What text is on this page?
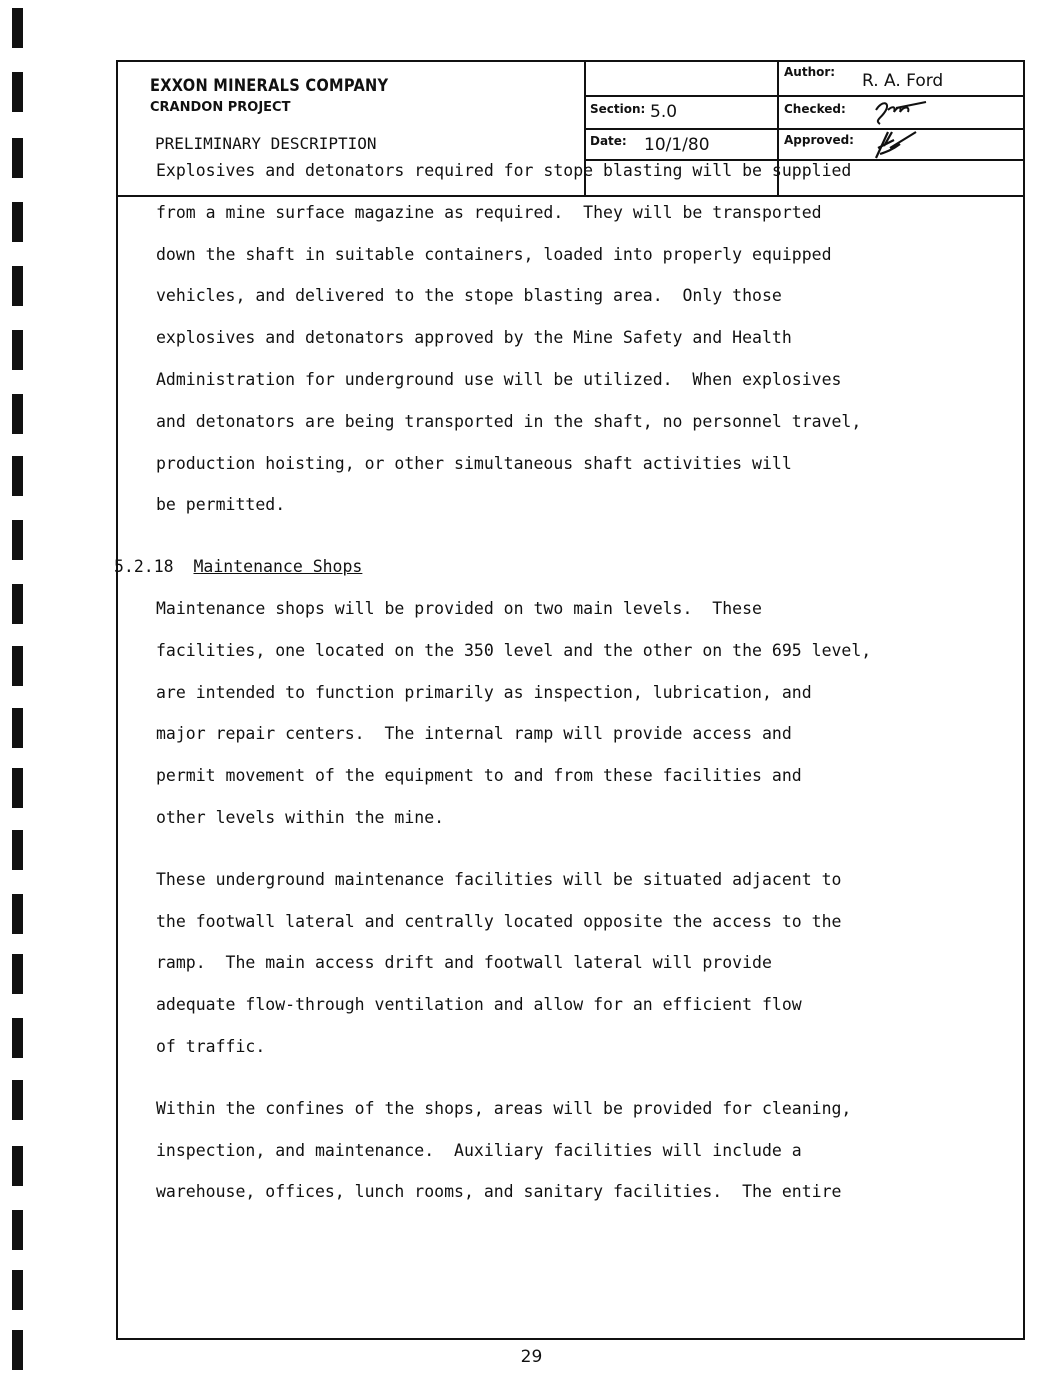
EXXON MINERALS COMPANY
CRANDON PROJECT
PRELIMINARY DESCRIPTION
Section: 5.0
Date: 10/1/80
Author: R. A. Ford
Checked:
Approved:

Explosives and detonators required for stope blasting will be supplied

from a mine surface magazine as required.  They will be transported

down the shaft in suitable containers, loaded into properly equipped

vehicles, and delivered to the stope blasting area.  Only those

explosives and detonators approved by the Mine Safety and Health

Administration for underground use will be utilized.  When explosives

and detonators are being transported in the shaft, no personnel travel,

production hoisting, or other simultaneous shaft activities will

be permitted.

5.2.18 Maintenance Shops

Maintenance shops will be provided on two main levels.  These

facilities, one located on the 350 level and the other on the 695 level,

are intended to function primarily as inspection, lubrication, and

major repair centers.  The internal ramp will provide access and

permit movement of the equipment to and from these facilities and

other levels within the mine.

These underground maintenance facilities will be situated adjacent to

the footwall lateral and centrally located opposite the access to the

ramp.  The main access drift and footwall lateral will provide

adequate flow-through ventilation and allow for an efficient flow

of traffic.

Within the confines of the shops, areas will be provided for cleaning,

inspection, and maintenance.  Auxiliary facilities will include a

warehouse, offices, lunch rooms, and sanitary facilities.  The entire

29
